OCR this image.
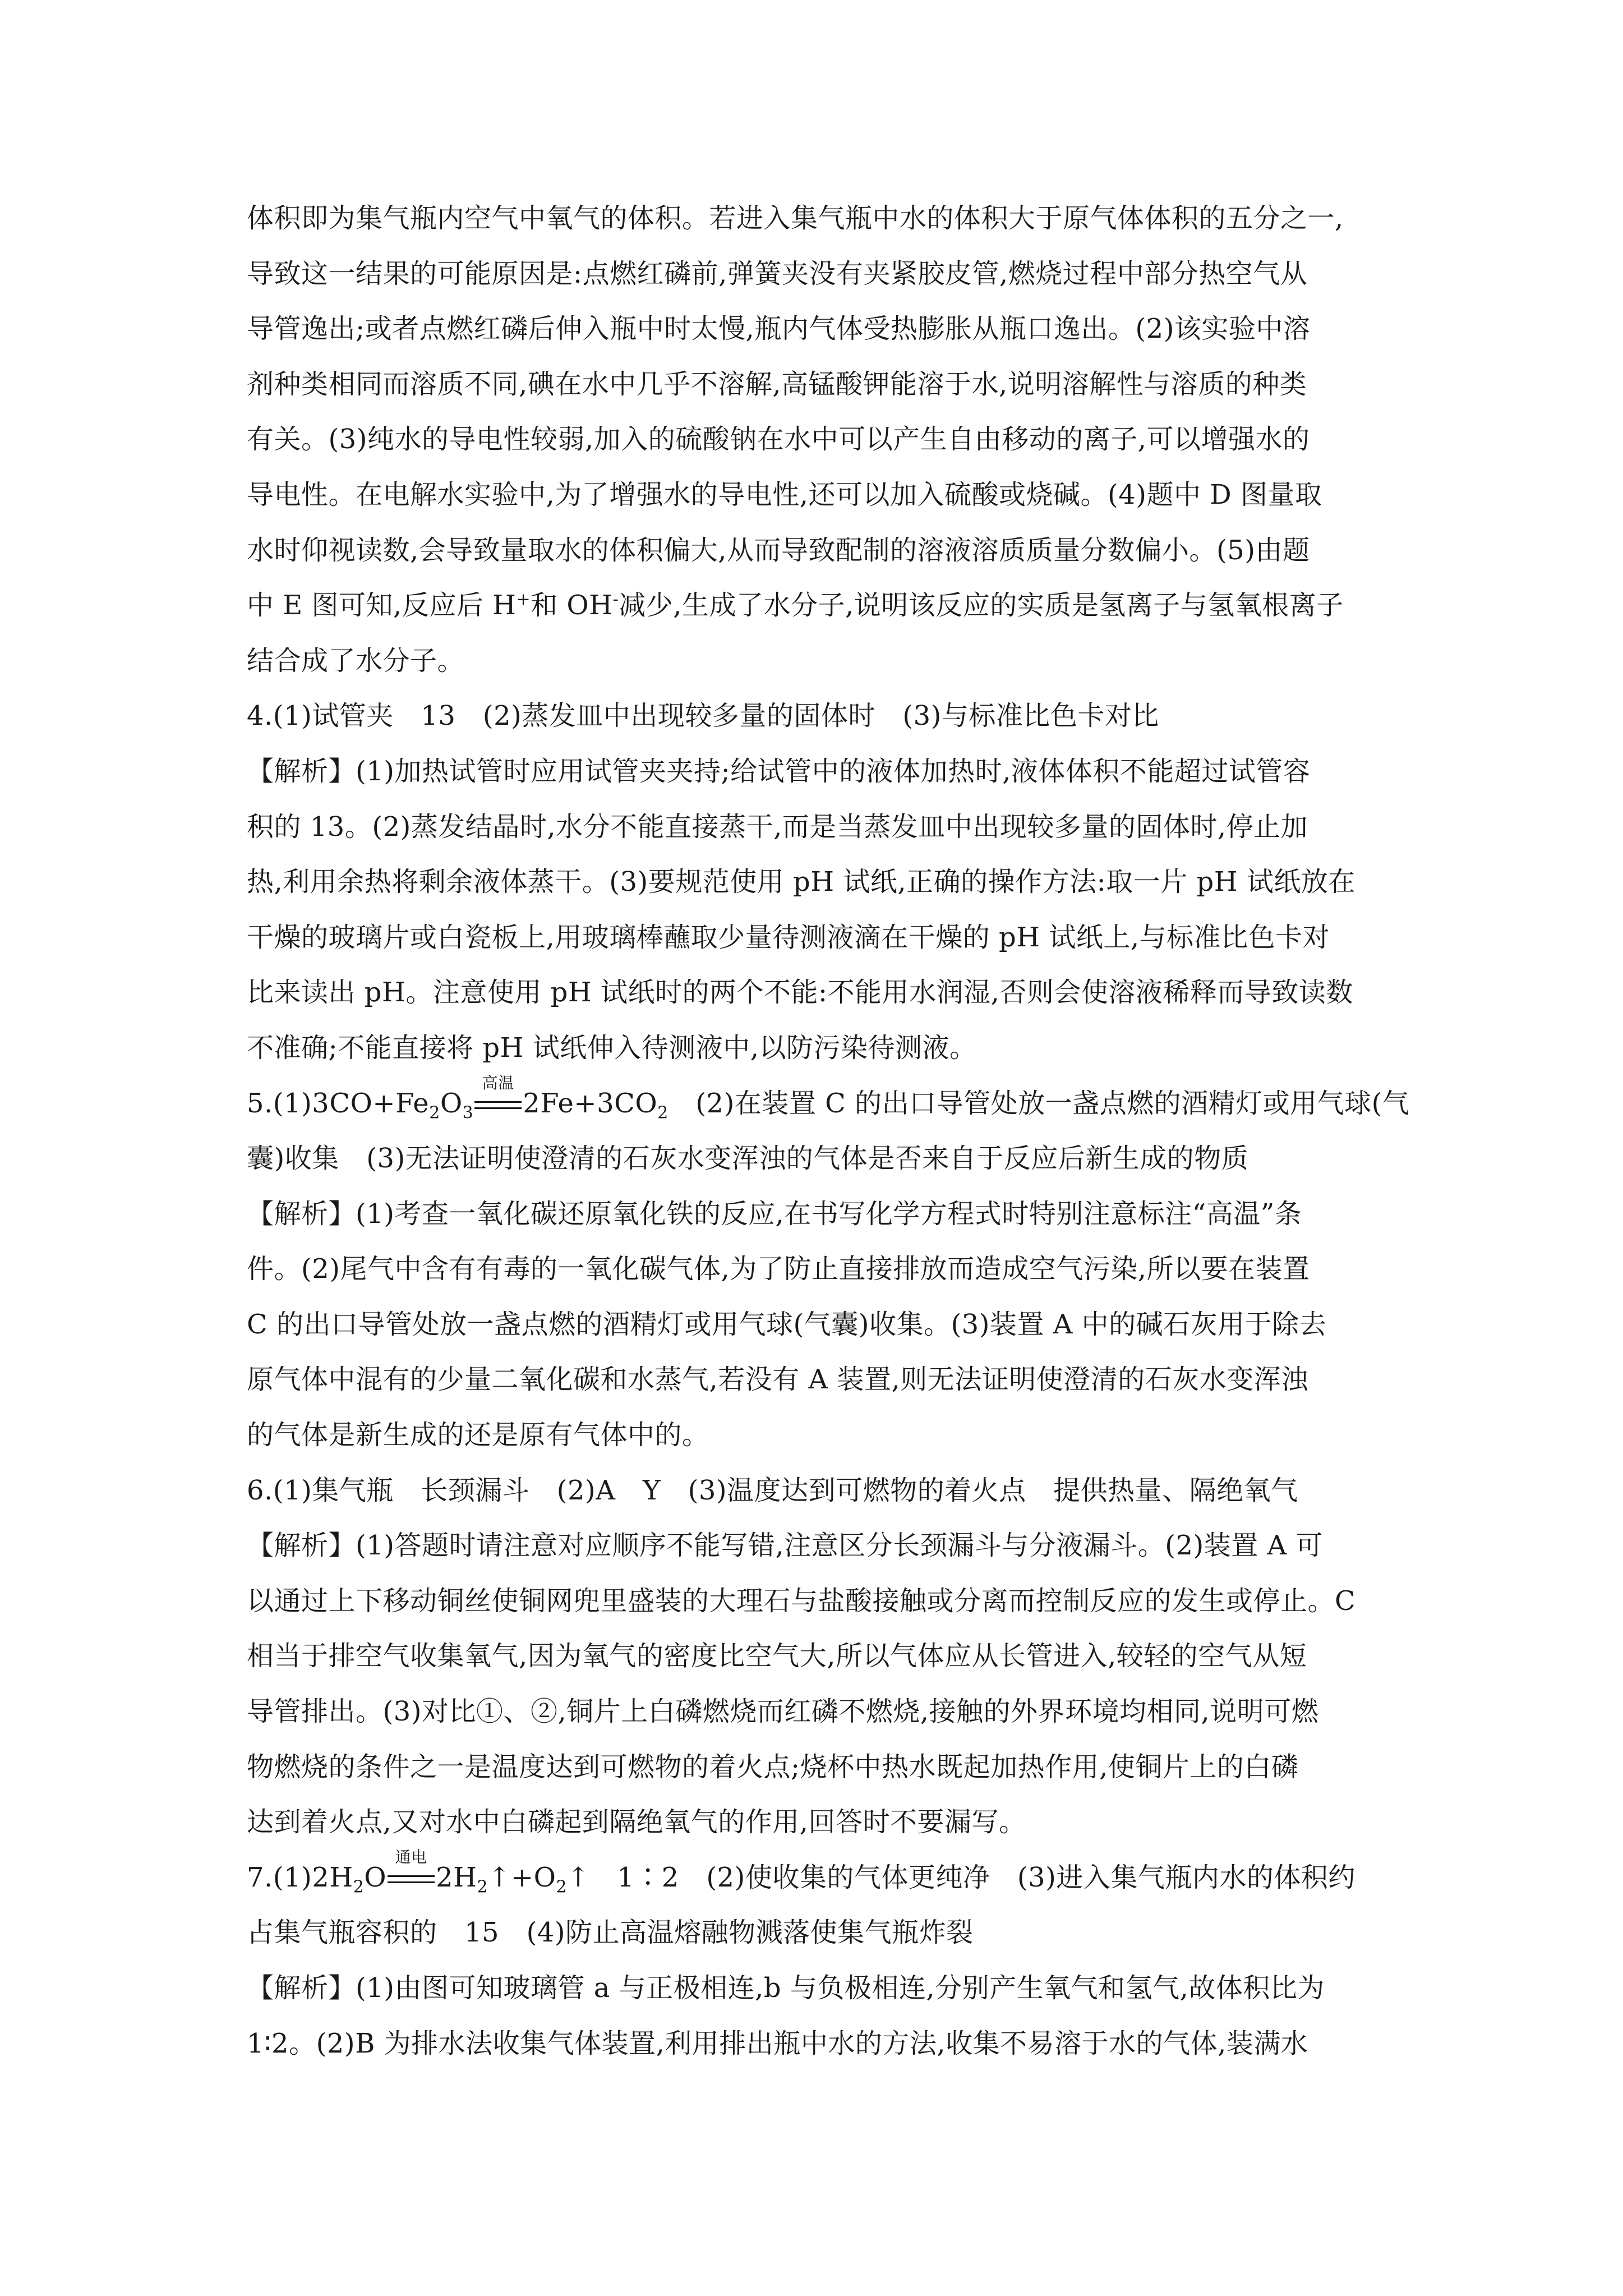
体积即为集气瓶内空气中氧气的体积。若进入集气瓶中水的体积大于原气体体积的五分之一,
导致这一结果的可能原因是:点燃红磷前,弹簧夹没有夹紧胶皮管,燃烧过程中部分热空气从
导管逸出;或者点燃红磷后伸入瓶中时太慢,瓶内气体受热膨胀从瓶口逸出。(2)该实验中溶
剂种类相同而溶质不同,碘在水中几乎不溶解,高锰酸钾能溶于水,说明溶解性与溶质的种类
有关。(3)纯水的导电性较弱,加入的硫酸钠在水中可以产生自由移动的离子,可以增强水的
导电性。在电解水实验中,为了增强水的导电性,还可以加入硫酸或烧碱。(4)题中 D 图量取
水时仰视读数,会导致量取水的体积偏大,从而导致配制的溶液溶质质量分数偏小。(5)由题
中 E 图可知,反应后 H+和 OH-减少,生成了水分子,说明该反应的实质是氢离子与氢氧根离子
结合成了水分子。
4.(1)试管夹　13　(2)蒸发皿中出现较多量的固体时　(3)与标准比色卡对比
【解析】(1)加热试管时应用试管夹夹持;给试管中的液体加热时,液体体积不能超过试管容
积的 13。(2)蒸发结晶时,水分不能直接蒸干,而是当蒸发皿中出现较多量的固体时,停止加
热,利用余热将剩余液体蒸干。(3)要规范使用 pH 试纸,正确的操作方法:取一片 pH 试纸放在
干燥的玻璃片或白瓷板上,用玻璃棒蘸取少量待测液滴在干燥的 pH 试纸上,与标准比色卡对
比来读出 pH。注意使用 pH 试纸时的两个不能:不能用水润湿,否则会使溶液稀释而导致读数
不准确;不能直接将 pH 试纸伸入待测液中,以防污染待测液。
$5.(1)3CO+Fe_2O_3$
高温
$2Fe+3CO_2$　(2)在装置 C 的出口导管处放一盏点燃的酒精灯或用气球(气
囊)收集　(3)无法证明使澄清的石灰水变浑浊的气体是否来自于反应后新生成的物质
【解析】(1)考查一氧化碳还原氧化铁的反应,在书写化学方程式时特别注意标注“高温”条
件。(2)尾气中含有有毒的一氧化碳气体,为了防止直接排放而造成空气污染,所以要在装置
C 的出口导管处放一盏点燃的酒精灯或用气球(气囊)收集。(3)装置 A 中的碱石灰用于除去
原气体中混有的少量二氧化碳和水蒸气,若没有 A 装置,则无法证明使澄清的石灰水变浑浊
的气体是新生成的还是原有气体中的。
6.(1)集气瓶　长颈漏斗　(2)A　Y　(3)温度达到可燃物的着火点　提供热量、隔绝氧气
【解析】(1)答题时请注意对应顺序不能写错,注意区分长颈漏斗与分液漏斗。(2)装置 A 可
以通过上下移动铜丝使铜网兜里盛装的大理石与盐酸接触或分离而控制反应的发生或停止。C
相当于排空气收集氧气,因为氧气的密度比空气大,所以气体应从长管进入,较轻的空气从短
导管排出。(3)对比①、②,铜片上白磷燃烧而红磷不燃烧,接触的外界环境均相同,说明可燃
物燃烧的条件之一是温度达到可燃物的着火点;烧杯中热水既起加热作用,使铜片上的白磷
达到着火点,又对水中白磷起到隔绝氧气的作用,回答时不要漏写。
$7.(1)2H_2O$
通电
$2H_2↑+O_2↑$　1∶2　(2)使收集的气体更纯净　(3)进入集气瓶内水的体积约
占集气瓶容积的　15　(4)防止高温熔融物溅落使集气瓶炸裂
【解析】(1)由图可知玻璃管 a 与正极相连,b 与负极相连,分别产生氧气和氢气,故体积比为
1∶2。(2)B 为排水法收集气体装置,利用排出瓶中水的方法,收集不易溶于水的气体,装满水
